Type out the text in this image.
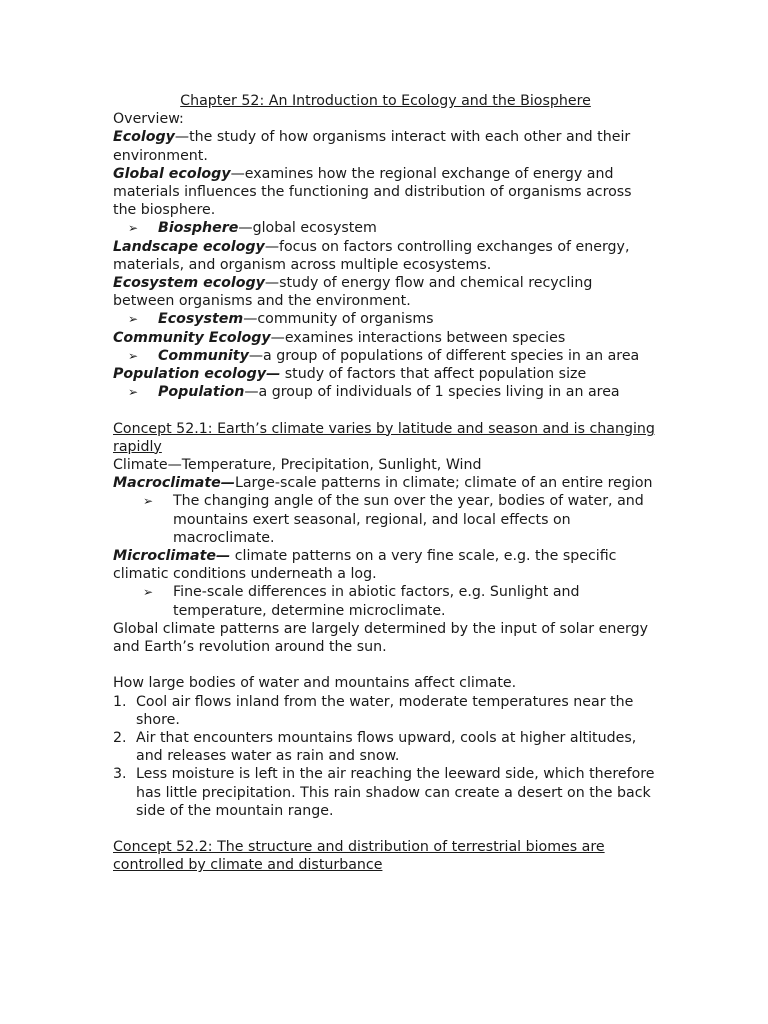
Chapter 52: An Introduction to Ecology and the Biosphere
Overview:
Ecology—the study of how organisms interact with each other and their environment.
Global ecology—examines how the regional exchange of energy and materials influences the functioning and distribution of organisms across the biosphere.
➢ Biosphere—global ecosystem
Landscape ecology—focus on factors controlling exchanges of energy, materials, and organism across multiple ecosystems.
Ecosystem ecology—study of energy flow and chemical recycling between organisms and the environment.
➢ Ecosystem—community of organisms
Community Ecology—examines interactions between species
➢ Community—a group of populations of different species in an area
Population ecology— study of factors that affect population size
➢ Population—a group of individuals of 1 species living in an area
Concept 52.1: Earth’s climate varies by latitude and season and is changing rapidly
Climate—Temperature, Precipitation, Sunlight, Wind
Macroclimate—Large-scale patterns in climate; climate of an entire region
➢ The changing angle of the sun over the year, bodies of water, and mountains exert seasonal, regional, and local effects on macroclimate.
Microclimate— climate patterns on a very fine scale, e.g. the specific climatic conditions underneath a log.
➢ Fine-scale differences in abiotic factors, e.g. Sunlight and temperature, determine microclimate.
Global climate patterns are largely determined by the input of solar energy and Earth’s revolution around the sun.
How large bodies of water and mountains affect climate.
1. Cool air flows inland from the water, moderate temperatures near the shore.
2. Air that encounters mountains flows upward, cools at higher altitudes, and releases water as rain and snow.
3. Less moisture is left in the air reaching the leeward side, which therefore has little precipitation. This rain shadow can create a desert on the back side of the mountain range.
Concept 52.2: The structure and distribution of terrestrial biomes are controlled by climate and disturbance
